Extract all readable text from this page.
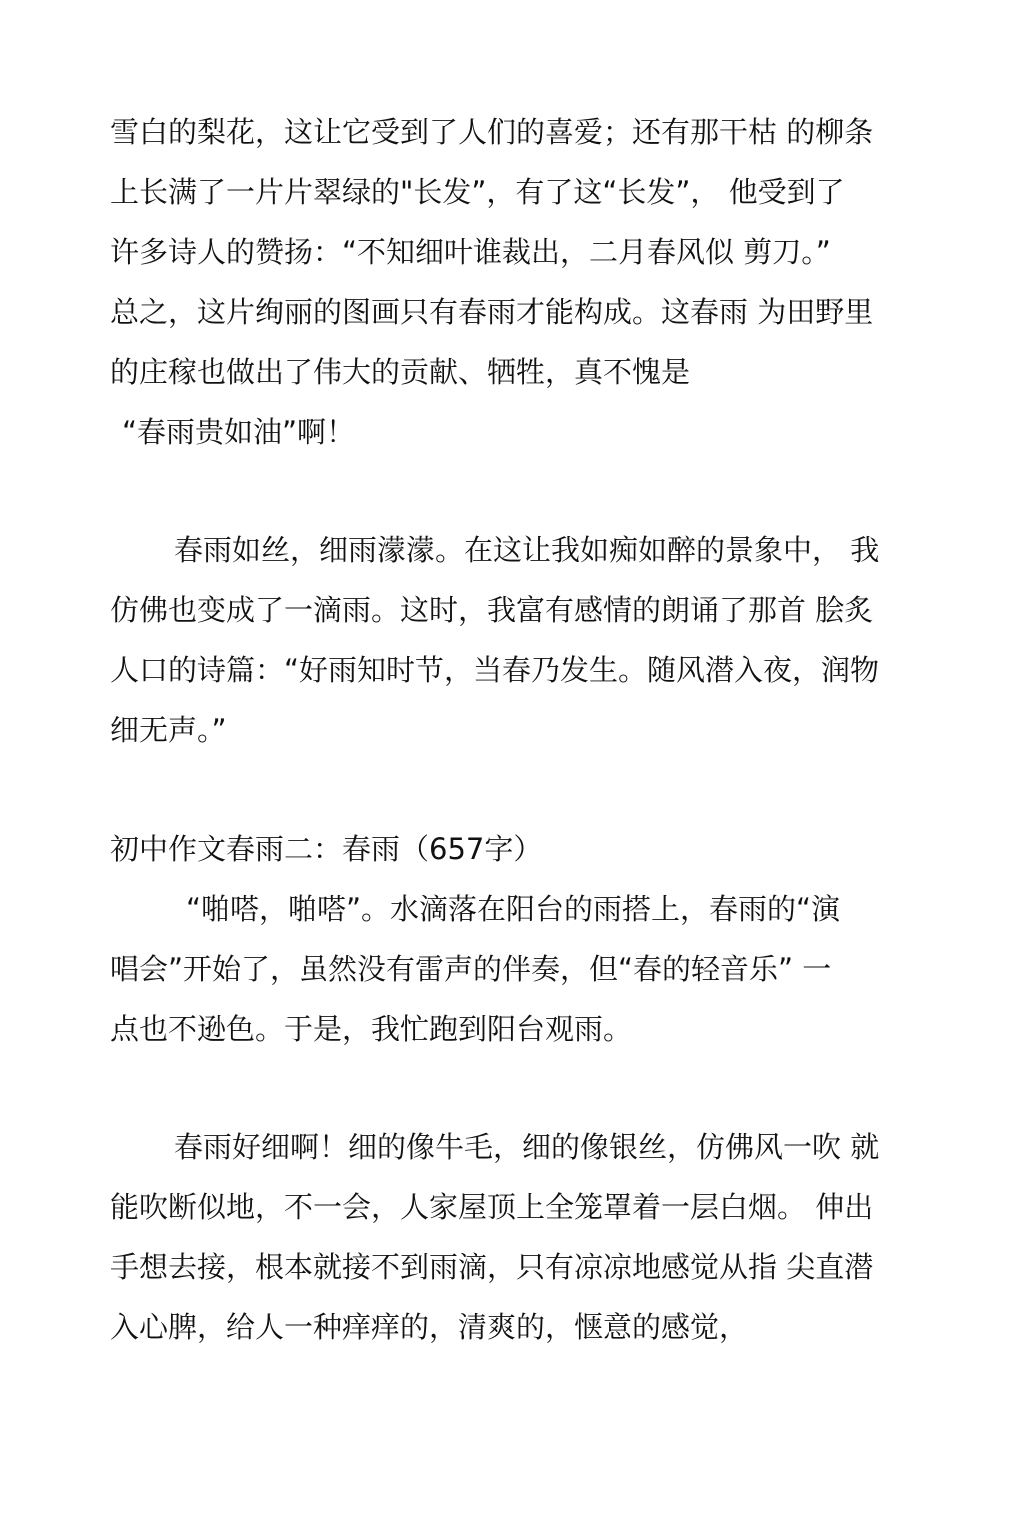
雪白的梨花，这让它受到了人们的喜爱；还有那干枯 的柳条
上长满了一片片翠绿的"长发”，有了这“长发”， 他受到了
许多诗人的赞扬：“不知细叶谁裁出，二月春风似 剪刀。”
总之，这片绚丽的图画只有春雨才能构成。这春雨 为田野里
的庄稼也做出了伟大的贡献、牺牲，真不愧是
“春雨贵如油”啊！
春雨如丝，细雨濛濛。在这让我如痴如醉的景象中， 我
仿佛也变成了一滴雨。这时，我富有感情的朗诵了那首 脍炙
人口的诗篇：“好雨知时节，当春乃发生。随风潜入夜，润物
细无声。”
初中作文春雨二：春雨（657字）
“啪嗒，啪嗒”。水滴落在阳台的雨搭上，春雨的“演
唱会”开始了，虽然没有雷声的伴奏，但“春的轻音乐” 一
点也不逊色。于是，我忙跑到阳台观雨。
春雨好细啊！细的像牛毛，细的像银丝，仿佛风一吹 就
能吹断似地，不一会，人家屋顶上全笼罩着一层白烟。 伸出
手想去接，根本就接不到雨滴，只有凉凉地感觉从指 尖直潜
入心脾，给人一种痒痒的，清爽的，惬意的感觉，
